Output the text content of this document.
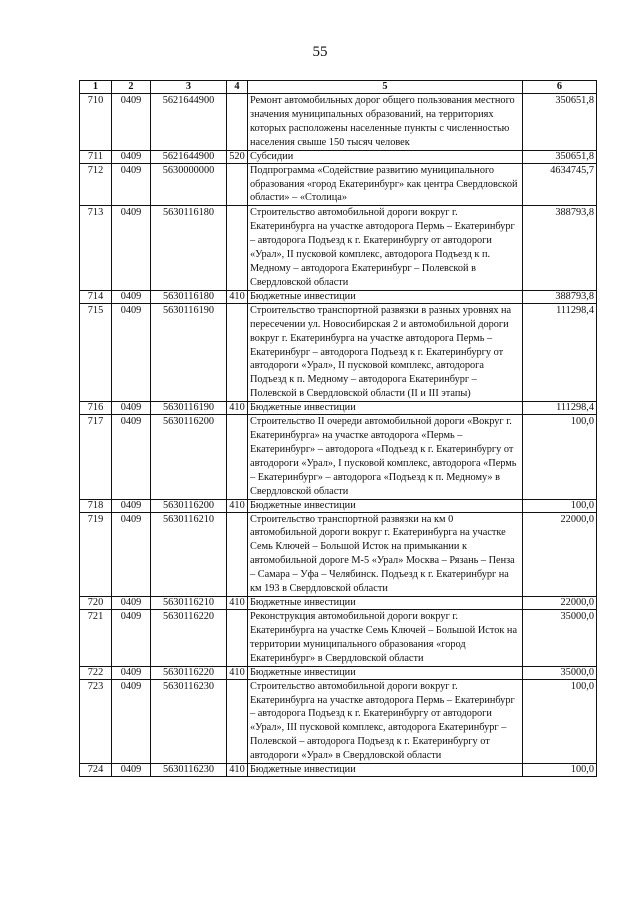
55
1	2	3	4	5	6
710	0409	5621644900		Ремонт автомобильных дорог общего пользования местного значения муниципальных образований, на территориях которых расположены населенные пункты с численностью населения свыше 150 тысяч человек	350651,8
711	0409	5621644900	520	Субсидии	350651,8
712	0409	5630000000		Подпрограмма «Содействие развитию муниципального образования «город Екатеринбург» как центра Свердловской области» – «Столица»	4634745,7
713	0409	5630116180		Строительство автомобильной дороги вокруг г. Екатеринбурга на участке автодорога Пермь – Екатеринбург – автодорога Подъезд к г. Екатеринбургу от автодороги «Урал», II пусковой комплекс, автодорога Подъезд к п. Медному – автодорога Екатеринбург – Полевской в Свердловской области	388793,8
714	0409	5630116180	410	Бюджетные инвестиции	388793,8
715	0409	5630116190		Строительство транспортной развязки в разных уровнях на пересечении ул. Новосибирская 2 и автомобильной дороги вокруг г. Екатеринбурга на участке автодорога Пермь – Екатеринбург – автодорога Подъезд к г. Екатеринбургу от автодороги «Урал», II пусковой комплекс, автодорога Подъезд к п. Медному – автодорога Екатеринбург – Полевской в Свердловской области (II и III этапы)	111298,4
716	0409	5630116190	410	Бюджетные инвестиции	111298,4
717	0409	5630116200		Строительство II очереди автомобильной дороги «Вокруг г. Екатеринбурга» на участке автодорога «Пермь – Екатеринбург» – автодорога «Подъезд к г. Екатеринбургу от автодороги «Урал», I пусковой комплекс, автодорога «Пермь – Екатеринбург» – автодорога «Подъезд к п. Медному» в Свердловской области	100,0
718	0409	5630116200	410	Бюджетные инвестиции	100,0
719	0409	5630116210		Строительство транспортной развязки на км 0 автомобильной дороги вокруг г. Екатеринбурга на участке Семь Ключей – Большой Исток на примыкании к автомобильной дороге М-5 «Урал» Москва – Рязань – Пенза – Самара – Уфа – Челябинск. Подъезд к г. Екатеринбург на км 193 в Свердловской области	22000,0
720	0409	5630116210	410	Бюджетные инвестиции	22000,0
721	0409	5630116220		Реконструкция автомобильной дороги вокруг г. Екатеринбурга на участке Семь Ключей – Большой Исток на территории муниципального образования «город Екатеринбург» в Свердловской области	35000,0
722	0409	5630116220	410	Бюджетные инвестиции	35000,0
723	0409	5630116230		Строительство автомобильной дороги вокруг г. Екатеринбурга на участке автодорога Пермь – Екатеринбург – автодорога Подъезд к г. Екатеринбургу от автодороги «Урал», III пусковой комплекс, автодорога Екатеринбург – Полевской – автодорога Подъезд к г. Екатеринбургу от автодороги «Урал» в Свердловской области	100,0
724	0409	5630116230	410	Бюджетные инвестиции	100,0
